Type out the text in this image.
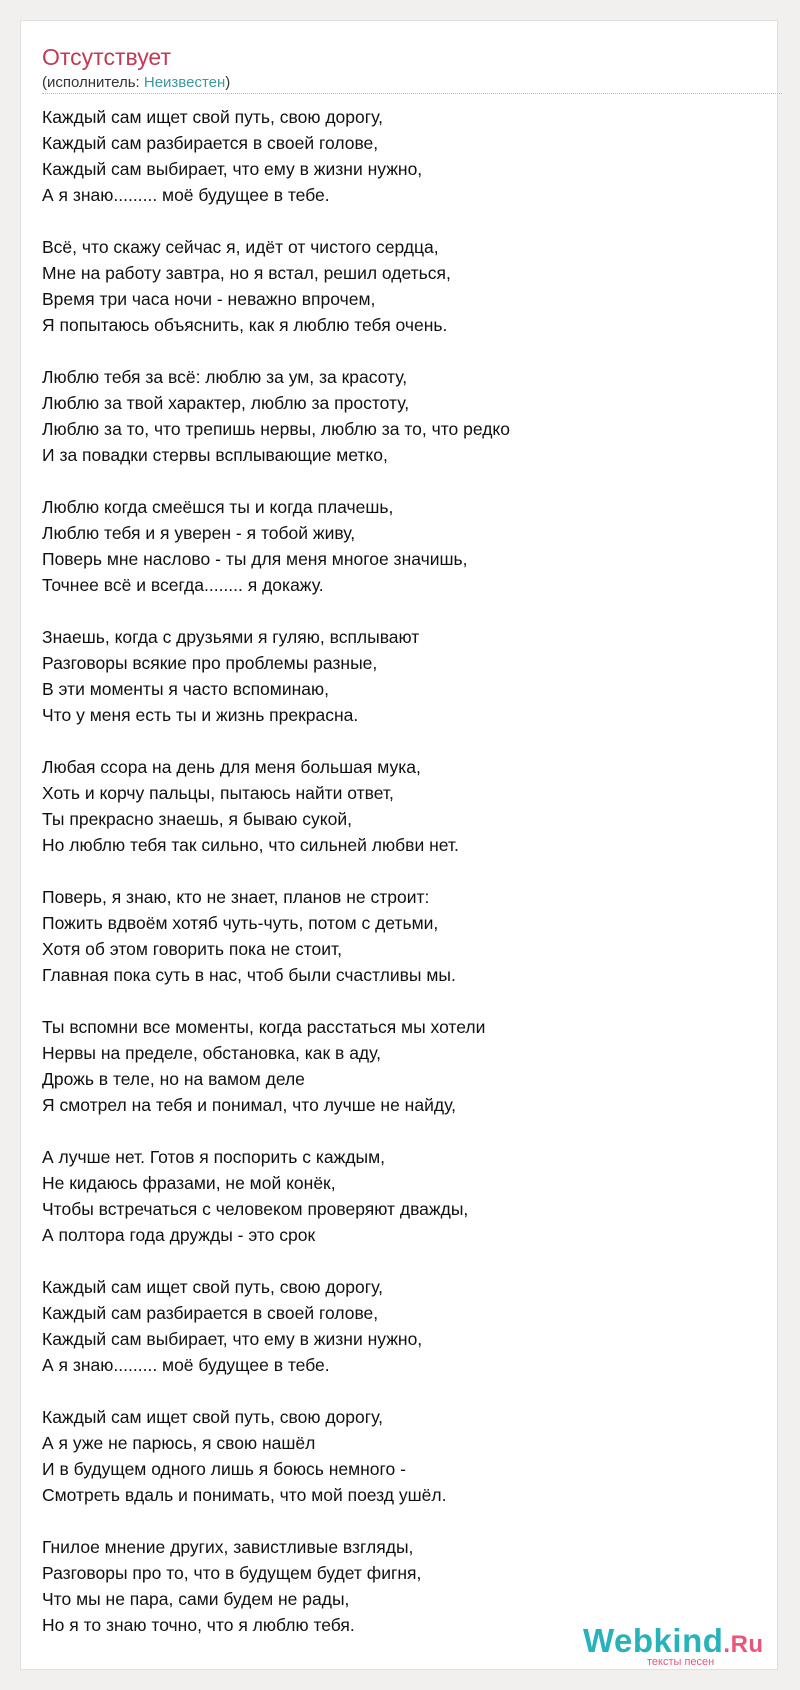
Отсутствует
(исполнитель: Неизвестен)
Каждый сам ищет свой путь, свою дорогу,
Каждый сам разбирается в своей голове,
Каждый сам выбирает, что ему в жизни нужно,
А я знаю......... моё будущее в тебе.
Всё, что скажу сейчас я, идёт от чистого сердца,
Мне на работу завтра, но я встал, решил одеться,
Время три часа ночи - неважно впрочем,
Я попытаюсь объяснить, как я люблю тебя очень.
Люблю тебя за всё: люблю за ум, за красоту,
Люблю за твой характер, люблю за простоту,
Люблю за то, что трепишь нервы, люблю за то, что редко
И за повадки стервы всплывающие метко,
Люблю когда смеёшся ты и когда плачешь,
Люблю тебя и я уверен - я тобой живу,
Поверь мне наслово - ты для меня многое значишь,
Точнее всё и всегда........ я докажу.
Знаешь, когда с друзьями я гуляю, всплывают
Разговоры всякие про проблемы разные,
В эти моменты я часто вспоминаю,
Что у меня есть ты и жизнь прекрасна.
Любая ссора на день для меня большая мука,
Хоть и корчу пальцы, пытаюсь найти ответ,
Ты прекрасно знаешь, я бываю сукой,
Но люблю тебя так сильно, что сильней любви нет.
Поверь, я знаю, кто не знает, планов не строит:
Пожить вдвоём хотяб чуть-чуть, потом с детьми,
Хотя об этом говорить пока не стоит,
Главная пока суть в нас, чтоб были счастливы мы.
Ты вспомни все моменты, когда расстаться мы хотели
Нервы на пределе, обстановка, как в аду,
Дрожь в теле, но на вамом деле
Я смотрел на тебя и понимал, что лучше не найду,
А лучше нет. Готов я поспорить с каждым,
Не кидаюсь фразами, не мой конёк,
Чтобы встречаться с человеком проверяют дважды,
А полтора года дружды - это срок
Каждый сам ищет свой путь, свою дорогу,
Каждый сам разбирается в своей голове,
Каждый сам выбирает, что ему в жизни нужно,
А я знаю......... моё будущее в тебе.
Каждый сам ищет свой путь, свою дорогу,
А я уже не парюсь, я свою нашёл
И в будущем одного лишь я боюсь немного -
Смотреть вдаль и понимать, что мой поезд ушёл.
Гнилое мнение других, завистливые взгляды,
Разговоры про то, что в будущем будет фигня,
Что мы не пара, сами будем не рады,
Но я то знаю точно, что я люблю тебя.	Webkind.Ru
тексты песен
